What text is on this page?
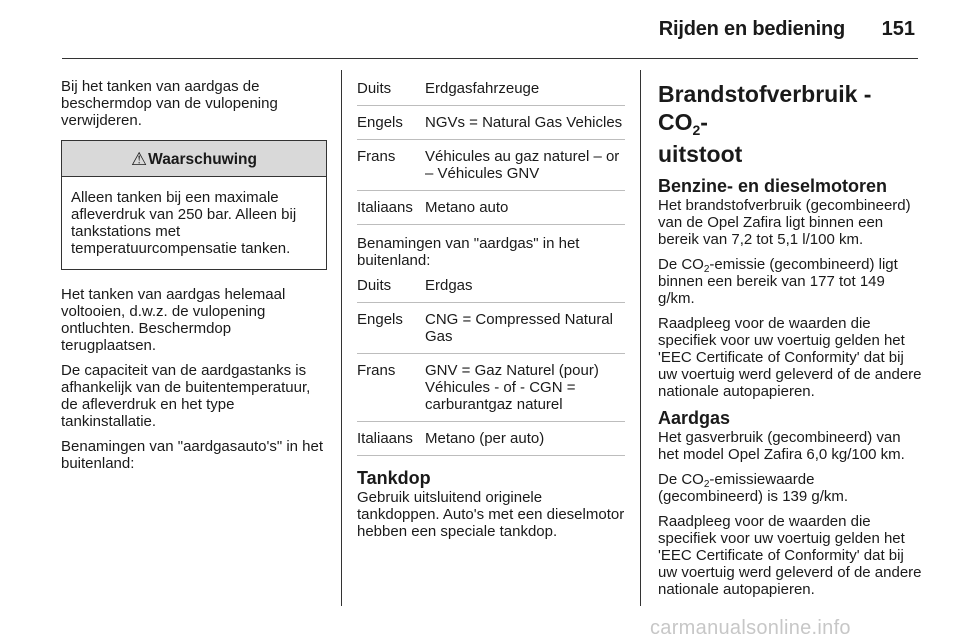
Rijden en bediening	151

Bij het tanken van aardgas de beschermdop van de vulopening verwijderen.

⚠Waarschuwing
Alleen tanken bij een maximale afleverdruk van 250 bar. Alleen bij tankstations met temperatuurcompensatie tanken.

Het tanken van aardgas helemaal voltooien, d.w.z. de vulopening ontluchten. Beschermdop terugplaatsen.

De capaciteit van de aardgastanks is afhankelijk van de buitentemperatuur, de afleverdruk en het type tankinstallatie.

Benamingen van "aardgasauto's" in het buitenland:

Duits	Erdgasfahrzeuge
Engels	NGVs = Natural Gas Vehicles
Frans	Véhicules au gaz naturel – or – Véhicules GNV
Italiaans	Metano auto

Benamingen van "aardgas" in het buitenland:

Duits	Erdgas
Engels	CNG = Compressed Natural Gas
Frans	GNV = Gaz Naturel (pour) Véhicules - of - CGN = carburantgaz naturel
Italiaans	Metano (per auto)
Tankdop

Gebruik uitsluitend originele tankdoppen. Auto's met een dieselmotor hebben een speciale tankdop.

Brandstofverbruik - $CO_2-$
uitstoot
Benzine- en dieselmotoren

Het brandstofverbruik (gecombineerd) van de Opel Zafira ligt binnen een bereik van 7,2 tot 5,1 l/100 km.

De $CO_2$-emissie (gecombineerd) ligt binnen een bereik van 177 tot 149 g/km.

Raadpleeg voor de waarden die specifiek voor uw voertuig gelden het 'EEC Certificate of Conformity' dat bij uw voertuig werd geleverd of de andere nationale autopapieren.

Aardgas

Het gasverbruik (gecombineerd) van het model Opel Zafira 6,0 kg/100 km.

De $CO_2$-emissiewaarde (gecombineerd) is 139 g/km.

Raadpleeg voor de waarden die specifiek voor uw voertuig gelden het 'EEC Certificate of Conformity' dat bij uw voertuig werd geleverd of de andere nationale autopapieren.

carmanualsonline.info
